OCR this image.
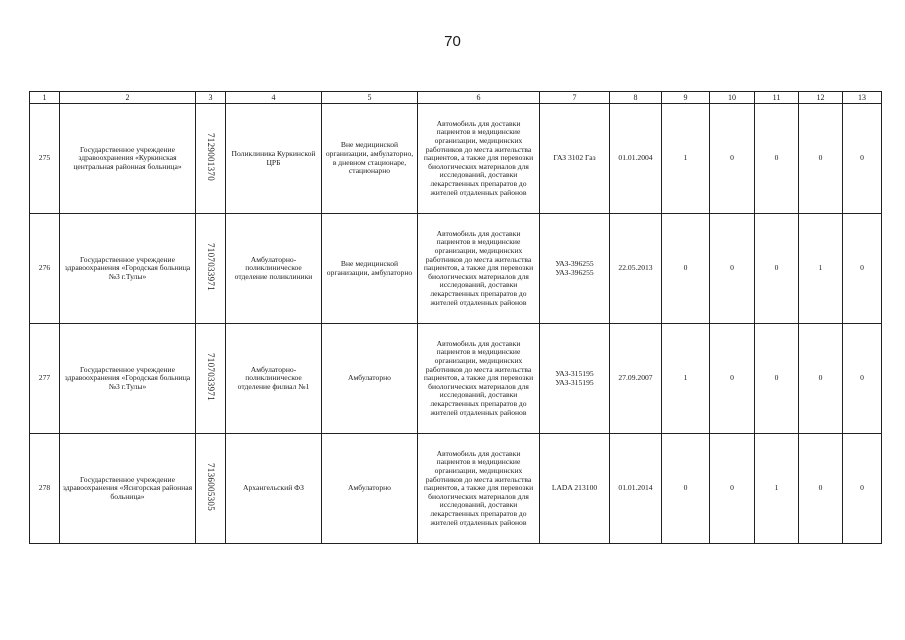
70
1	2	3	4	5	6	7	8	9	10	11	12	13
275	Государственное учреждение здравоохранения «Куркинская центральная районная больница»	7129001370	Поликлиника Куркинской ЦРБ	Вне медицинской организации, амбулаторно, в дневном стационаре, стационарно	Автомобиль для доставки пациентов в медицинские организации, медицинских работников до места жительства пациентов, а также для перевозки биологических материалов для исследований, доставки лекарственных препаратов до жителей отдаленных районов	ГАЗ 3102 Газ	01.01.2004	1	0	0	0	0
276	Государственное учреждение здравоохранения «Городская больница №3 г.Тулы»	7107033971	Амбулаторно-поликлиническое отделение поликлиники	Вне медицинской организации, амбулаторно	Автомобиль для доставки пациентов в медицинские организации, медицинских работников до места жительства пациентов, а также для перевозки биологических материалов для исследований, доставки лекарственных препаратов до жителей отдаленных районов	УАЗ-396255 УАЗ-396255	22.05.2013	0	0	0	1	0
277	Государственное учреждение здравоохранения «Городская больница №3 г.Тулы»	7107033971	Амбулаторно-поликлиническое отделение филиал №1	Амбулаторно	Автомобиль для доставки пациентов в медицинские организации, медицинских работников до места жительства пациентов, а также для перевозки биологических материалов для исследований, доставки лекарственных препаратов до жителей отдаленных районов	УАЗ-315195 УАЗ-315195	27.09.2007	1	0	0	0	0
278	Государственное учреждение здравоохранения «Яснгорская районная больница»	7136005305	Архангельский ФЗ	Амбулаторно	Автомобиль для доставки пациентов в медицинские организации, медицинских работников до места жительства пациентов, а также для перевозки биологических материалов для исследований, доставки лекарственных препаратов до жителей отдаленных районов	LADA 213100	01.01.2014	0	0	1	0	0
